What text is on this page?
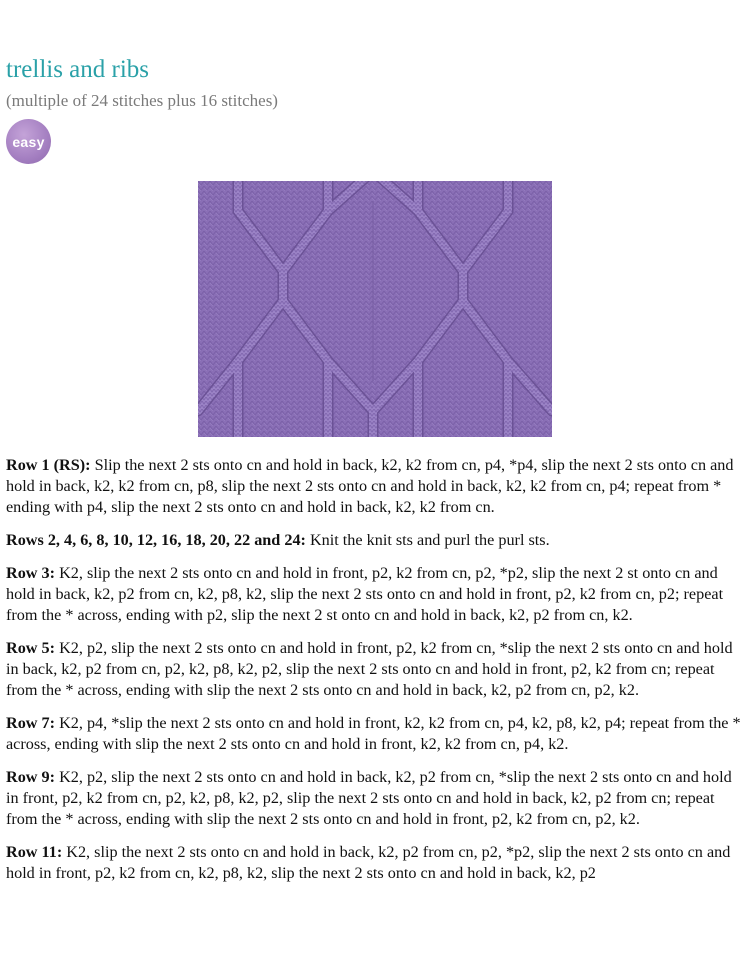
trellis and ribs
(multiple of 24 stitches plus 16 stitches)
easy

Row 1 (RS): Slip the next 2 sts onto cn and hold in back, k2, k2 from cn, p4, *p4, slip the next 2 sts onto cn and hold in back, k2, k2 from cn, p8, slip the next 2 sts onto cn and hold in back, k2, k2 from cn, p4; repeat from * ending with p4, slip the next 2 sts onto cn and hold in back, k2, k2 from cn.

Rows 2, 4, 6, 8, 10, 12, 16, 18, 20, 22 and 24: Knit the knit sts and purl the purl sts.

Row 3: K2, slip the next 2 sts onto cn and hold in front, p2, k2 from cn, p2, *p2, slip the next 2 st onto cn and hold in back, k2, p2 from cn, k2, p8, k2, slip the next 2 sts onto cn and hold in front, p2, k2 from cn, p2; repeat from the * across, ending with p2, slip the next 2 st onto cn and hold in back, k2, p2 from cn, k2.

Row 5: K2, p2, slip the next 2 sts onto cn and hold in front, p2, k2 from cn, *slip the next 2 sts onto cn and hold in back, k2, p2 from cn, p2, k2, p8, k2, p2, slip the next 2 sts onto cn and hold in front, p2, k2 from cn; repeat from the * across, ending with slip the next 2 sts onto cn and hold in back, k2, p2 from cn, p2, k2.

Row 7: K2, p4, *slip the next 2 sts onto cn and hold in front, k2, k2 from cn, p4, k2, p8, k2, p4; repeat from the * across, ending with slip the next 2 sts onto cn and hold in front, k2, k2 from cn, p4, k2.

Row 9: K2, p2, slip the next 2 sts onto cn and hold in back, k2, p2 from cn, *slip the next 2 sts onto cn and hold in front, p2, k2 from cn, p2, k2, p8, k2, p2, slip the next 2 sts onto cn and hold in back, k2, p2 from cn; repeat from the * across, ending with slip the next 2 sts onto cn and hold in front, p2, k2 from cn, p2, k2.

Row 11: K2, slip the next 2 sts onto cn and hold in back, k2, p2 from cn, p2, *p2, slip the next 2 sts onto cn and hold in front, p2, k2 from cn, k2, p8, k2, slip the next 2 sts onto cn and hold in back, k2, p2
